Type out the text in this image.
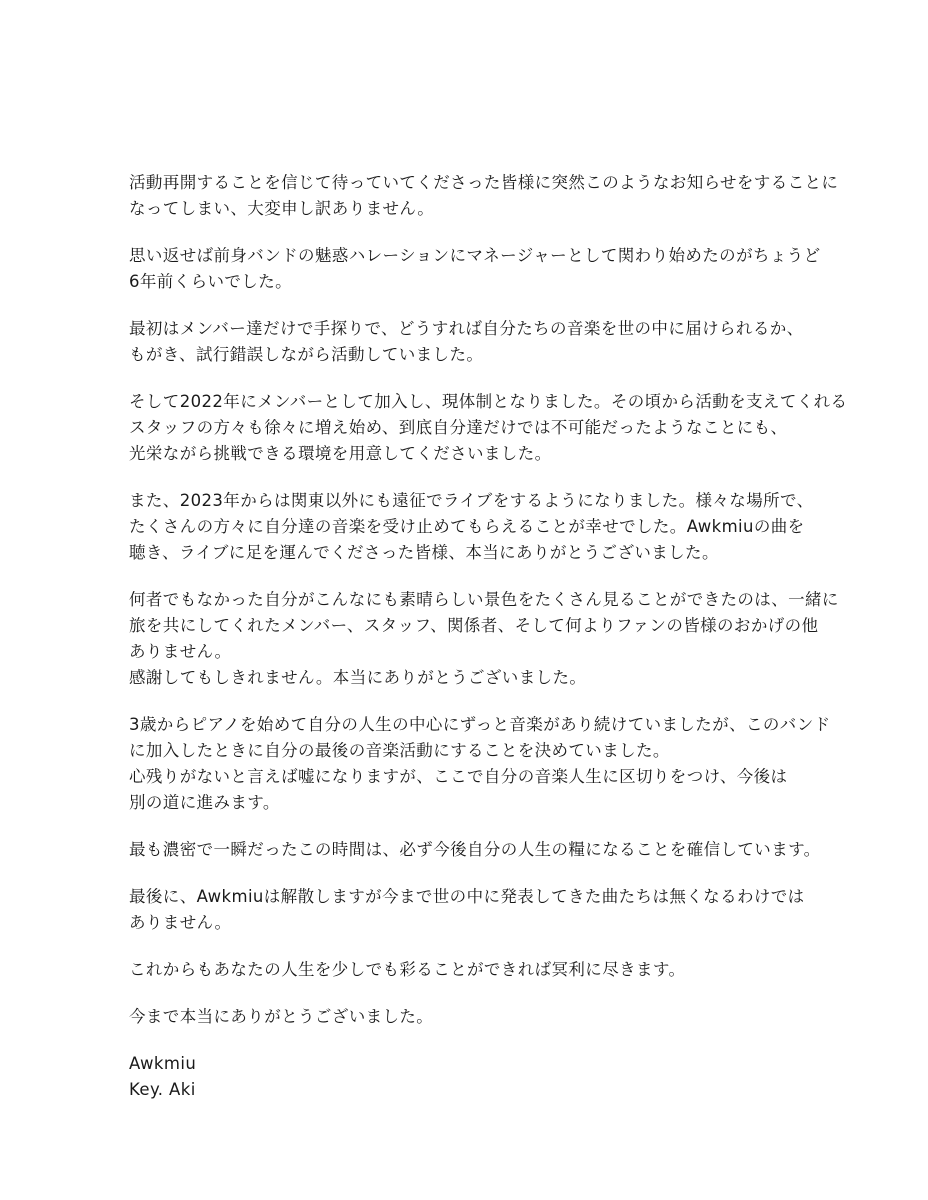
活動再開することを信じて待っていてくださった皆様に突然このようなお知らせをすることに
なってしまい、大変申し訳ありません。

思い返せば前身バンドの魅惑ハレーションにマネージャーとして関わり始めたのがちょうど
6年前くらいでした。

最初はメンバー達だけで手探りで、どうすれば自分たちの音楽を世の中に届けられるか、
もがき、試行錯誤しながら活動していました。

そして2022年にメンバーとして加入し、現体制となりました。その頃から活動を支えてくれる
スタッフの方々も徐々に増え始め、到底自分達だけでは不可能だったようなことにも、
光栄ながら挑戦できる環境を用意してくださいました。

また、2023年からは関東以外にも遠征でライブをするようになりました。様々な場所で、
たくさんの方々に自分達の音楽を受け止めてもらえることが幸せでした。Awkmiuの曲を
聴き、ライブに足を運んでくださった皆様、本当にありがとうございました。

何者でもなかった自分がこんなにも素晴らしい景色をたくさん見ることができたのは、一緒に
旅を共にしてくれたメンバー、スタッフ、関係者、そして何よりファンの皆様のおかげの他
ありません。
感謝してもしきれません。本当にありがとうございました。

3歳からピアノを始めて自分の人生の中心にずっと音楽があり続けていましたが、このバンド
に加入したときに自分の最後の音楽活動にすることを決めていました。
心残りがないと言えば嘘になりますが、ここで自分の音楽人生に区切りをつけ、今後は
別の道に進みます。

最も濃密で一瞬だったこの時間は、必ず今後自分の人生の糧になることを確信しています。

最後に、Awkmiuは解散しますが今まで世の中に発表してきた曲たちは無くなるわけでは
ありません。

これからもあなたの人生を少しでも彩ることができれば冥利に尽きます。

今まで本当にありがとうございました。

Awkmiu
Key. Aki
